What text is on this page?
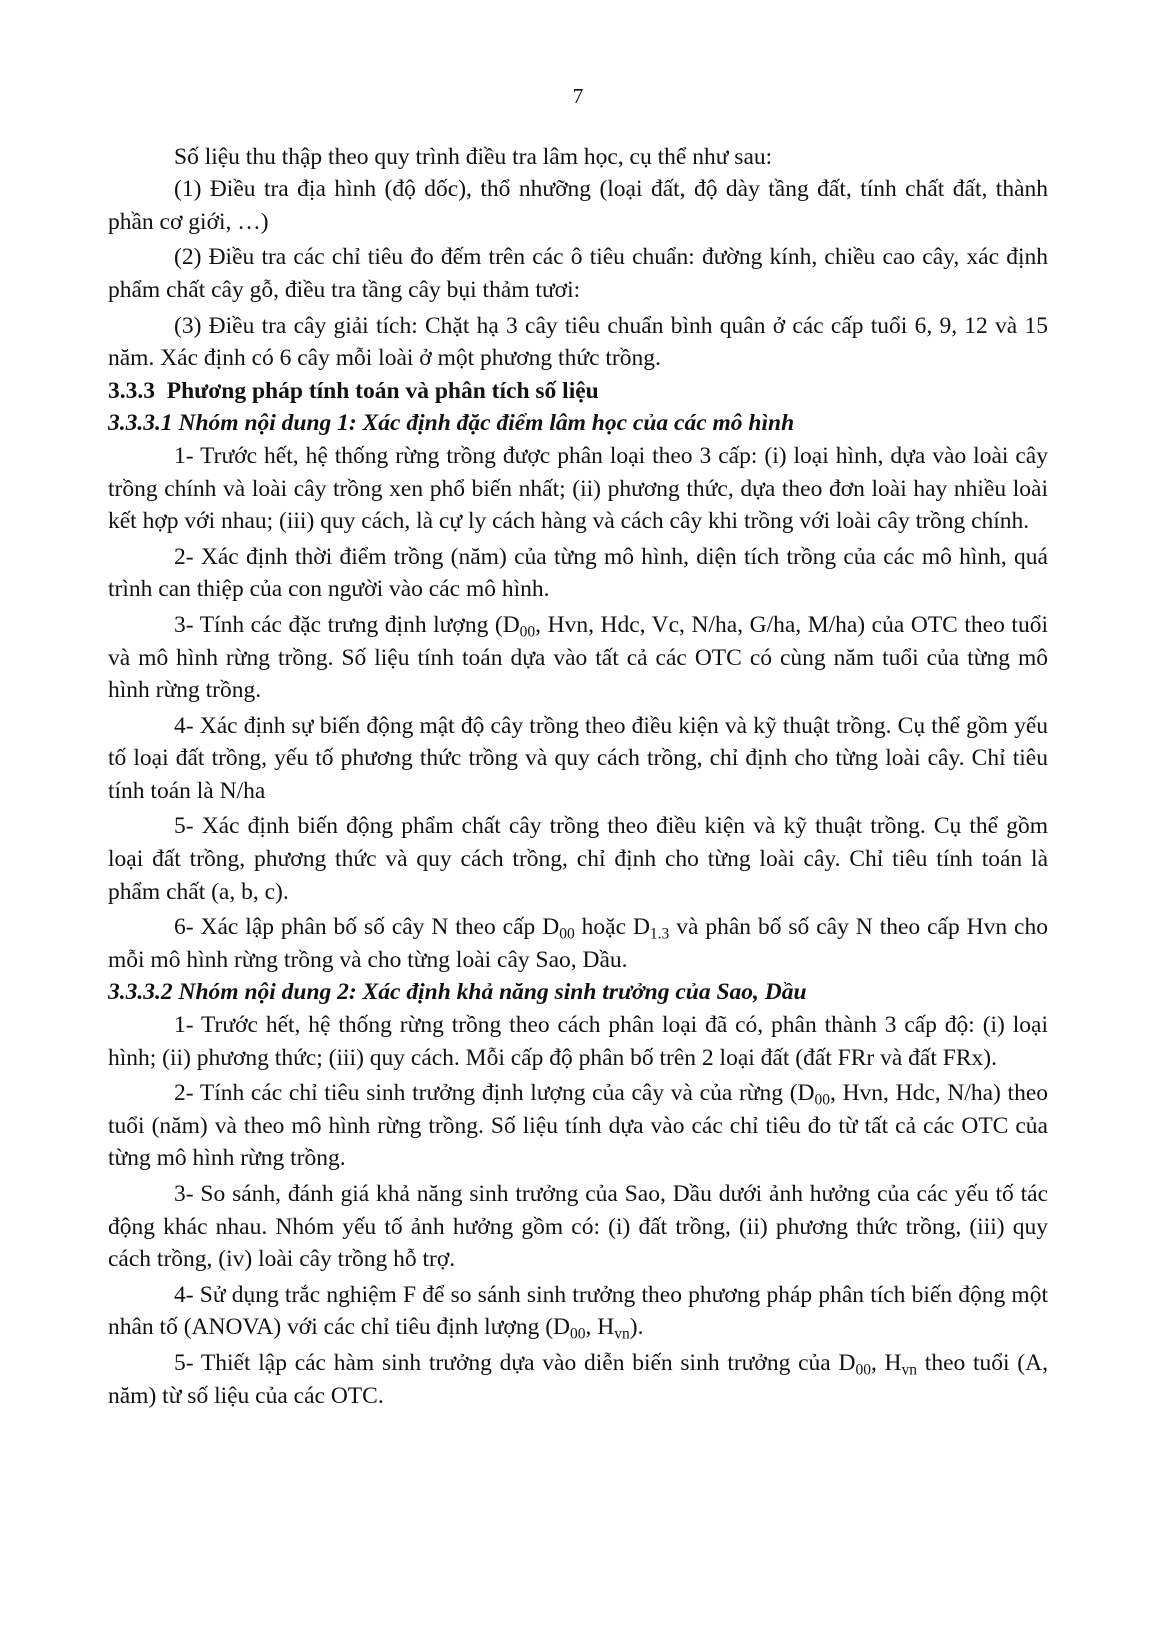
7

Số liệu thu thập theo quy trình điều tra lâm học, cụ thể như sau:

(1) Điều tra địa hình (độ dốc), thổ nhưỡng (loại đất, độ dày tầng đất, tính chất đất, thành phần cơ giới, …)

(2) Điều tra các chỉ tiêu đo đếm trên các ô tiêu chuẩn: đường kính, chiều cao cây, xác định phẩm chất cây gỗ, điều tra tầng cây bụi thảm tươi:

(3) Điều tra cây giải tích: Chặt hạ 3 cây tiêu chuẩn bình quân ở các cấp tuổi 6, 9, 12 và 15 năm. Xác định có 6 cây mỗi loài ở một phương thức trồng.

3.3.3 Phương pháp tính toán và phân tích số liệu

3.3.3.1 Nhóm nội dung 1: Xác định đặc điểm lâm học của các mô hình

1- Trước hết, hệ thống rừng trồng được phân loại theo 3 cấp: (i) loại hình, dựa vào loài cây trồng chính và loài cây trồng xen phổ biến nhất; (ii) phương thức, dựa theo đơn loài hay nhiều loài kết hợp với nhau; (iii) quy cách, là cự ly cách hàng và cách cây khi trồng với loài cây trồng chính.

2- Xác định thời điểm trồng (năm) của từng mô hình, diện tích trồng của các mô hình, quá trình can thiệp của con người vào các mô hình.

3- Tính các đặc trưng định lượng ($D_{00}$, Hvn, Hdc, Vc, N/ha, G/ha, M/ha) của OTC theo tuổi và mô hình rừng trồng. Số liệu tính toán dựa vào tất cả các OTC có cùng năm tuổi của từng mô hình rừng trồng.

4- Xác định sự biến động mật độ cây trồng theo điều kiện và kỹ thuật trồng. Cụ thể gồm yếu tố loại đất trồng, yếu tố phương thức trồng và quy cách trồng, chỉ định cho từng loài cây. Chỉ tiêu tính toán là N/ha

5- Xác định biến động phẩm chất cây trồng theo điều kiện và kỹ thuật trồng. Cụ thể gồm loại đất trồng, phương thức và quy cách trồng, chỉ định cho từng loài cây. Chỉ tiêu tính toán là phẩm chất (a, b, c).

6- Xác lập phân bố số cây N theo cấp $D_{00}$ hoặc $D_{1.3}$ và phân bố số cây N theo cấp Hvn cho mỗi mô hình rừng trồng và cho từng loài cây Sao, Dầu.

3.3.3.2 Nhóm nội dung 2: Xác định khả năng sinh trưởng của Sao, Dầu

1- Trước hết, hệ thống rừng trồng theo cách phân loại đã có, phân thành 3 cấp độ: (i) loại hình; (ii) phương thức; (iii) quy cách. Mỗi cấp độ phân bố trên 2 loại đất (đất FRr và đất FRx).

2- Tính các chỉ tiêu sinh trưởng định lượng của cây và của rừng ($D_{00}$, Hvn, Hdc, N/ha) theo tuổi (năm) và theo mô hình rừng trồng. Số liệu tính dựa vào các chỉ tiêu đo từ tất cả các OTC của từng mô hình rừng trồng.

3- So sánh, đánh giá khả năng sinh trưởng của Sao, Dầu dưới ảnh hưởng của các yếu tố tác động khác nhau. Nhóm yếu tố ảnh hưởng gồm có: (i) đất trồng, (ii) phương thức trồng, (iii) quy cách trồng, (iv) loài cây trồng hỗ trợ.

4- Sử dụng trắc nghiệm F để so sánh sinh trưởng theo phương pháp phân tích biến động một nhân tố (ANOVA) với các chỉ tiêu định lượng ($D_{00}$, $H_{vn}$).

5- Thiết lập các hàm sinh trưởng dựa vào diễn biến sinh trưởng của $D_{00}$, $H_{vn}$ theo tuổi (A, năm) từ số liệu của các OTC.
